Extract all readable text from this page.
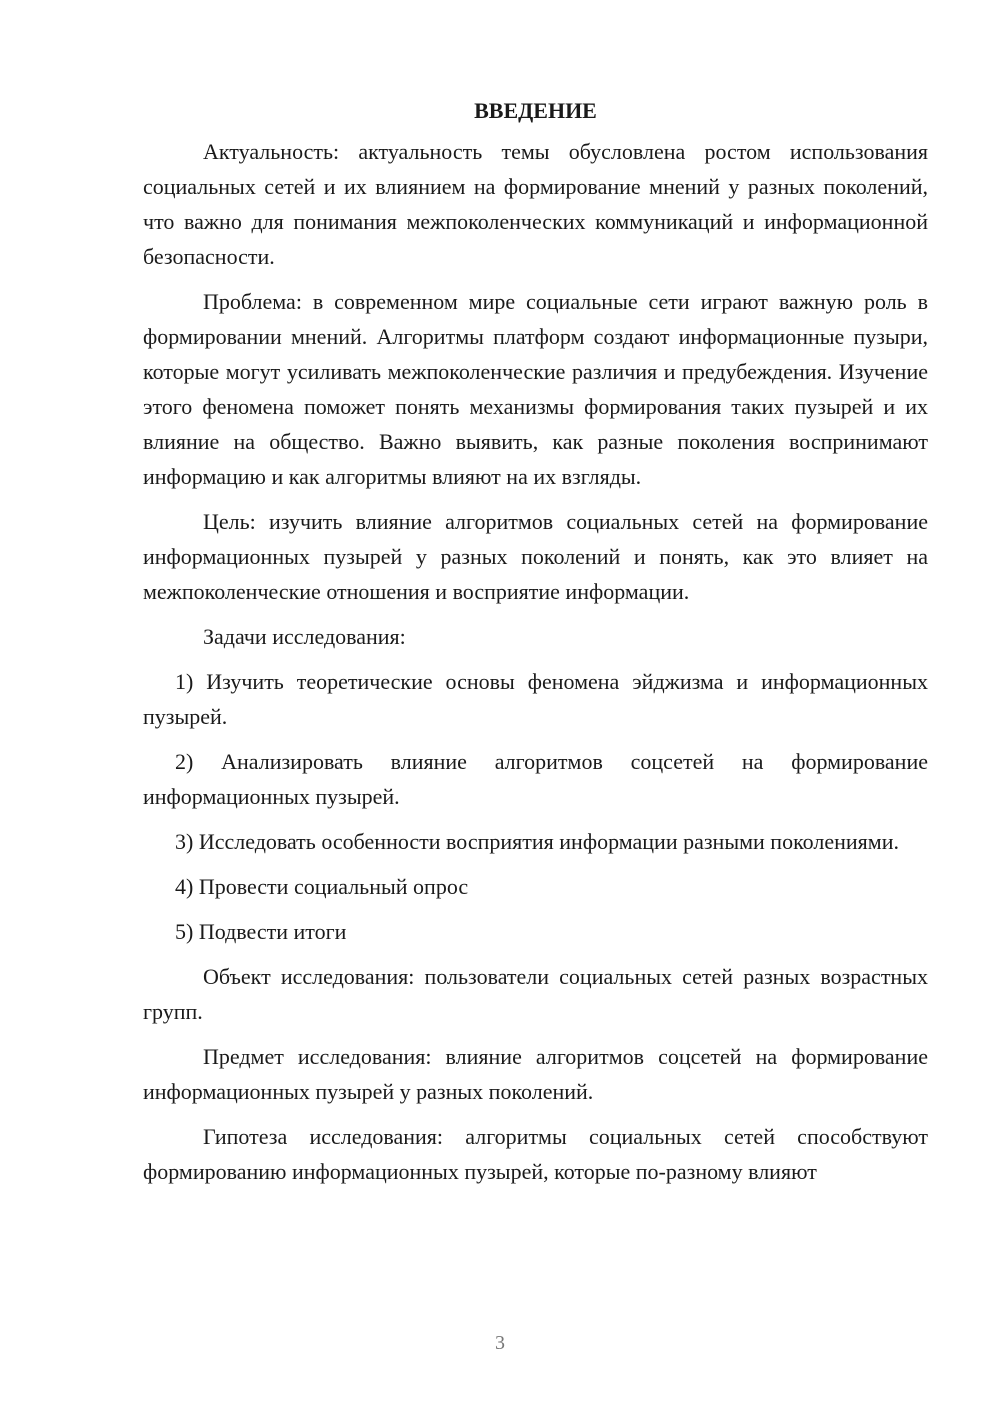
ВВЕДЕНИЕ

Актуальность: актуальность темы обусловлена ростом использования социальных сетей и их влиянием на формирование мнений у разных поколений, что важно для понимания межпоколенческих коммуникаций и информационной безопасности.

Проблема: в современном мире социальные сети играют важную роль в формировании мнений. Алгоритмы платформ создают информационные пузыри, которые могут усиливать межпоколенческие различия и предубеждения. Изучение этого феномена поможет понять механизмы формирования таких пузырей и их влияние на общество. Важно выявить, как разные поколения воспринимают информацию и как алгоритмы влияют на их взгляды.

Цель: изучить влияние алгоритмов социальных сетей на формирование информационных пузырей у разных поколений и понять, как это влияет на межпоколенческие отношения и восприятие информации.

Задачи исследования:

1) Изучить теоретические основы феномена эйджизма и информационных пузырей.

2) Анализировать влияние алгоритмов соцсетей на формирование информационных пузырей.

3) Исследовать особенности восприятия информации разными поколениями.

4) Провести социальный опрос

5) Подвести итоги

Объект исследования: пользователи социальных сетей разных возрастных групп.

Предмет исследования: влияние алгоритмов соцсетей на формирование информационных пузырей у разных поколений.

Гипотеза исследования: алгоритмы социальных сетей способствуют формированию информационных пузырей, которые по-разному влияют

3
